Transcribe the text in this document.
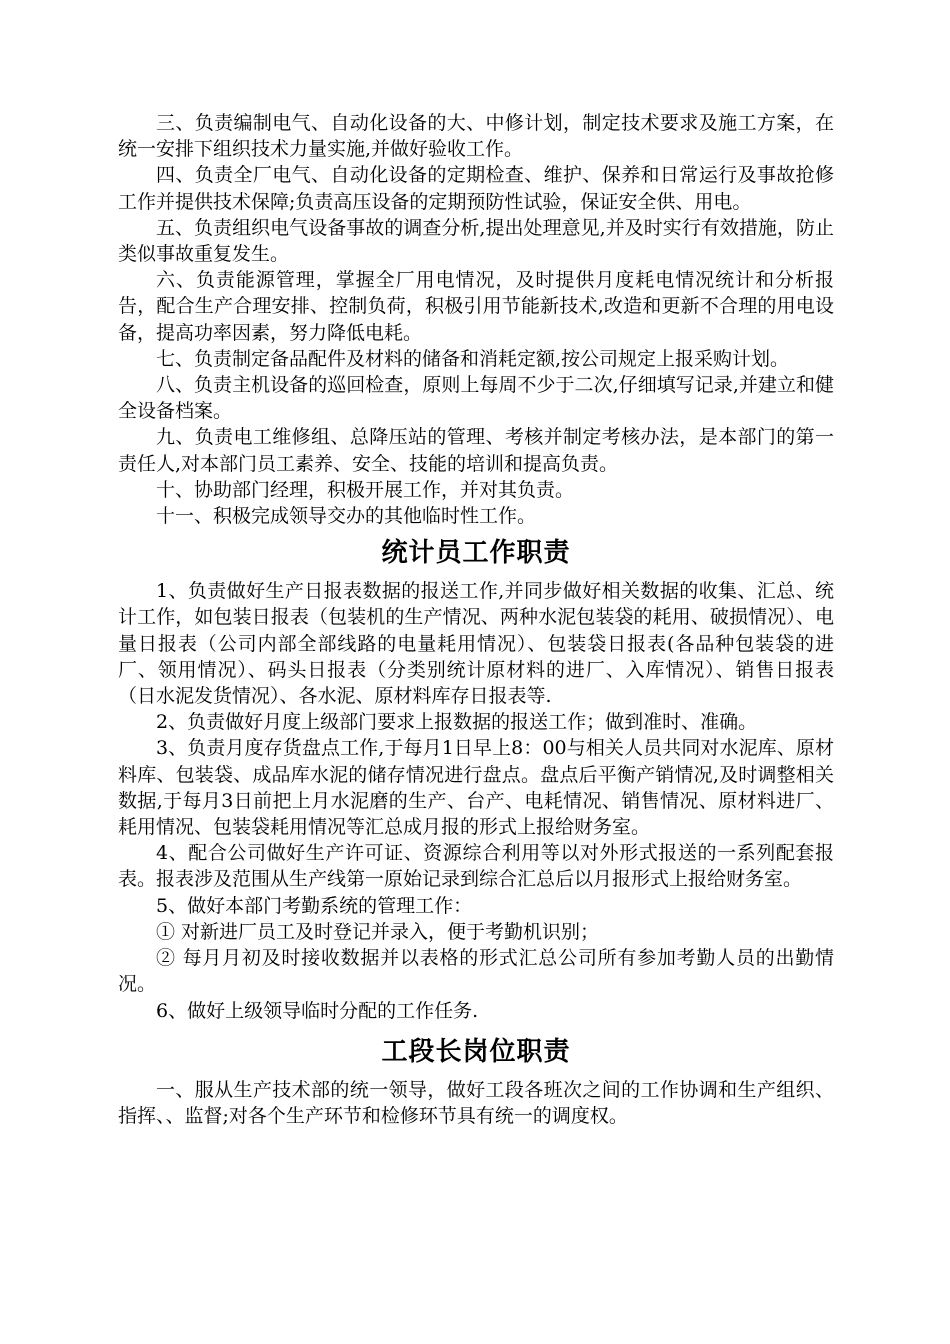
三、负责编制电气、自动化设备的大、中修计划，制定技术要求及施工方案，在统一安排下组织技术力量实施,并做好验收工作。

四、负责全厂电气、自动化设备的定期检查、维护、保养和日常运行及事故抢修工作并提供技术保障;负责高压设备的定期预防性试验，保证安全供、用电。

五、负责组织电气设备事故的调查分析,提出处理意见,并及时实行有效措施，防止类似事故重复发生。

六、负责能源管理，掌握全厂用电情况，及时提供月度耗电情况统计和分析报告，配合生产合理安排、控制负荷，积极引用节能新技术,改造和更新不合理的用电设备，提高功率因素，努力降低电耗。

七、负责制定备品配件及材料的储备和消耗定额,按公司规定上报采购计划。

八、负责主机设备的巡回检查，原则上每周不少于二次,仔细填写记录,并建立和健全设备档案。

九、负责电工维修组、总降压站的管理、考核并制定考核办法，是本部门的第一责任人,对本部门员工素养、安全、技能的培训和提高负责。

十、协助部门经理，积极开展工作，并对其负责。

十一、积极完成领导交办的其他临时性工作。

统计员工作职责

1、负责做好生产日报表数据的报送工作,并同步做好相关数据的收集、汇总、统计工作，如包装日报表（包装机的生产情况、两种水泥包装袋的耗用、破损情况）、电量日报表（公司内部全部线路的电量耗用情况）、包装袋日报表(各品种包装袋的进厂、领用情况）、码头日报表（分类别统计原材料的进厂、入库情况）、销售日报表（日水泥发货情况）、各水泥、原材料库存日报表等.

2、负责做好月度上级部门要求上报数据的报送工作；做到准时、准确。

3、负责月度存货盘点工作,于每月1日早上8：00与相关人员共同对水泥库、原材料库、包装袋、成品库水泥的储存情况进行盘点。盘点后平衡产销情况,及时调整相关数据,于每月3日前把上月水泥磨的生产、台产、电耗情况、销售情况、原材料进厂、耗用情况、包装袋耗用情况等汇总成月报的形式上报给财务室。

4、配合公司做好生产许可证、资源综合利用等以对外形式报送的一系列配套报表。报表涉及范围从生产线第一原始记录到综合汇总后以月报形式上报给财务室。

5、做好本部门考勤系统的管理工作：

① 对新进厂员工及时登记并录入，便于考勤机识别；

② 每月月初及时接收数据并以表格的形式汇总公司所有参加考勤人员的出勤情况。

6、做好上级领导临时分配的工作任务.

工段长岗位职责

一、服从生产技术部的统一领导，做好工段各班次之间的工作协调和生产组织、指挥、、监督;对各个生产环节和检修环节具有统一的调度权。
